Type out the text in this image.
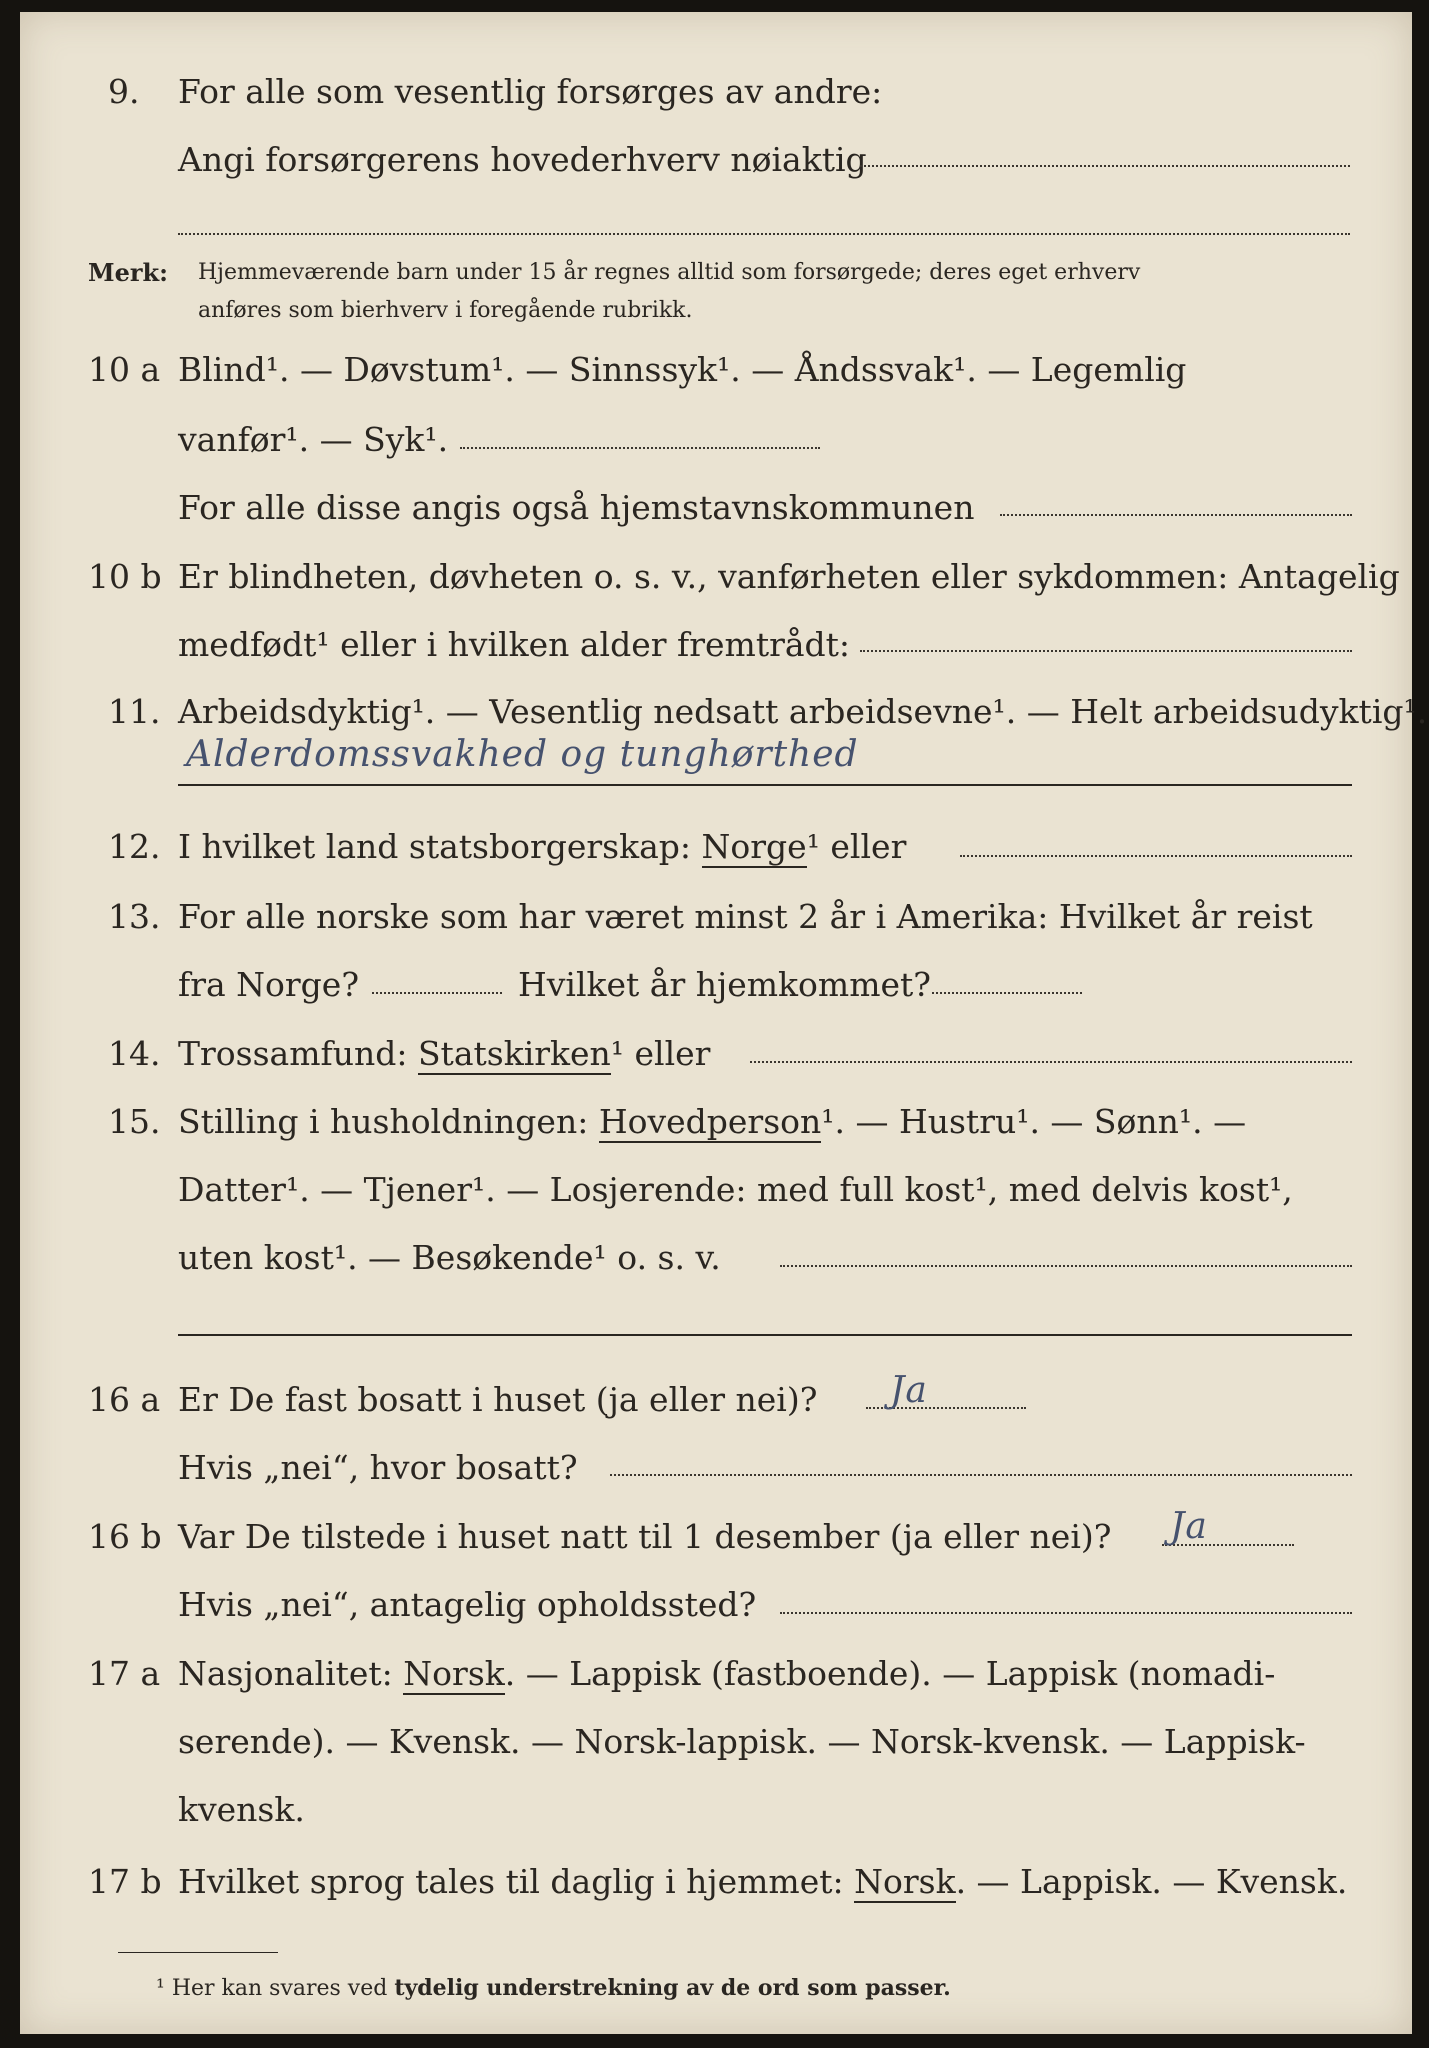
9. For alle som vesentlig forsørges av andre:
Angi forsørgerens hovederhverv nøiaktig
Merk: Hjemmeværende barn under 15 år regnes alltid som forsørgede; deres eget erhverv
anføres som bierhverv i foregående rubrikk.
10 a Blind¹. — Døvstum¹. — Sinnssyk¹. — Åndssvak¹. — Legemlig
vanfør¹. — Syk¹.
For alle disse angis også hjemstavnskommunen
10 b Er blindheten, døvheten o. s. v., vanførheten eller sykdommen: Antagelig
medfødt¹ eller i hvilken alder fremtrådt:
11. Arbeidsdyktig¹. — Vesentlig nedsatt arbeidsevne¹. — Helt arbeidsudyktig¹.
Alderdomssvakhed og tunghørthed
12. I hvilket land statsborgerskap: Norge¹ eller
13. For alle norske som har været minst 2 år i Amerika: Hvilket år reist
fra Norge?	Hvilket år hjemkommet?
14. Trossamfund: Statskirken¹ eller
15. Stilling i husholdningen: Hovedperson¹. — Hustru¹. — Sønn¹. —
Datter¹. — Tjener¹. — Losjerende: med full kost¹, med delvis kost¹,
uten kost¹. — Besøkende¹ o. s. v.
16 a Er De fast bosatt i huset (ja eller nei)? Ja
Hvis „nei“, hvor bosatt?
16 b Var De tilstede i huset natt til 1 desember (ja eller nei)? Ja
Hvis „nei“, antagelig opholdssted?
17 a Nasjonalitet: Norsk. — Lappisk (fastboende). — Lappisk (nomadi-
serende). — Kvensk. — Norsk-lappisk. — Norsk-kvensk. — Lappisk-
kvensk.
17 b Hvilket sprog tales til daglig i hjemmet: Norsk. — Lappisk. — Kvensk.
¹ Her kan svares ved tydelig understrekning av de ord som passer.
